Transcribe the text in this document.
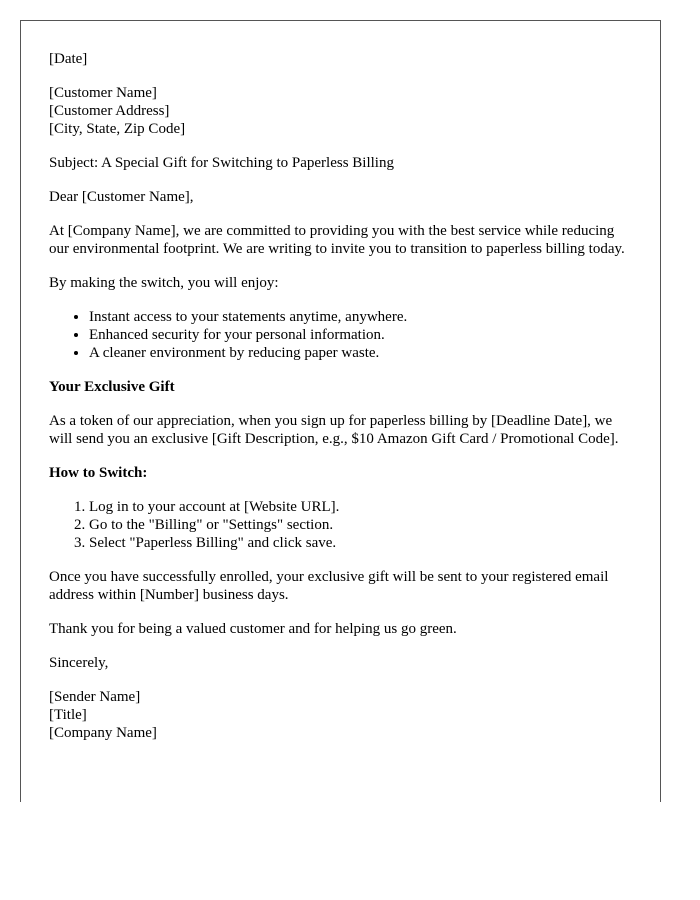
[Date]

[Customer Name]

[Customer Address]

[City, State, Zip Code]

Subject: A Special Gift for Switching to Paperless Billing

Dear [Customer Name],

At [Company Name], we are committed to providing you with the best service while reducing our environmental footprint. We are writing to invite you to transition to paperless billing today.

By making the switch, you will enjoy:

• Instant access to your statements anytime, anywhere.
• Enhanced security for your personal information.
• A cleaner environment by reducing paper waste.
Your Exclusive Gift

As a token of our appreciation, when you sign up for paperless billing by [Deadline Date], we will send you an exclusive [Gift Description, e.g., $10 Amazon Gift Card / Promotional Code].

How to Switch:
1. Log in to your account at [Website URL].
2. Go to the "Billing" or "Settings" section.
3. Select "Paperless Billing" and click save.

Once you have successfully enrolled, your exclusive gift will be sent to your registered email address within [Number] business days.

Thank you for being a valued customer and for helping us go green.

Sincerely,

[Sender Name]

[Title]

[Company Name]
